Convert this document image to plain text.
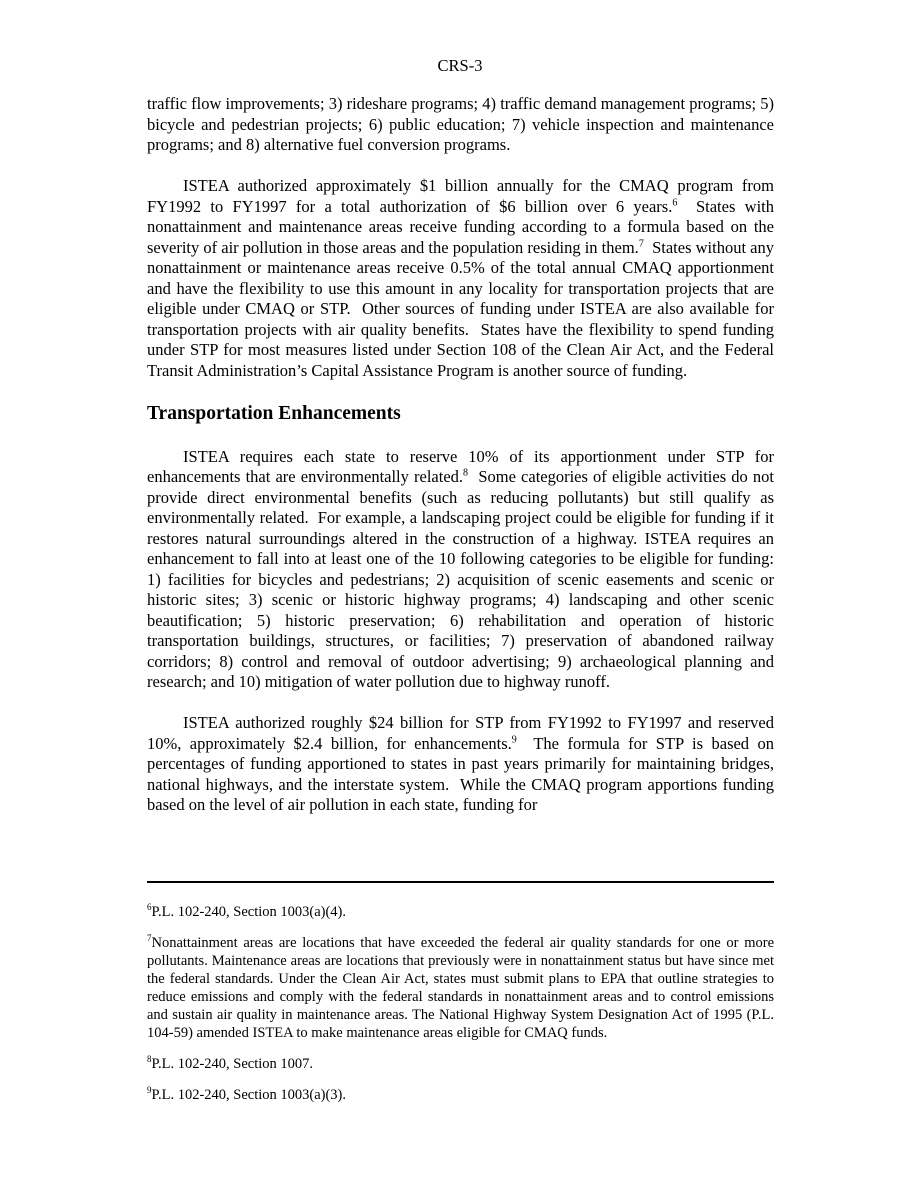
CRS-3

traffic flow improvements; 3) rideshare programs; 4) traffic demand management programs; 5) bicycle and pedestrian projects; 6) public education; 7) vehicle inspection and maintenance programs; and 8) alternative fuel conversion programs.

ISTEA authorized approximately $1 billion annually for the CMAQ program from FY1992 to FY1997 for a total authorization of $6 billion over 6 years.$^6$  States with nonattainment and maintenance areas receive funding according to a formula based on the severity of air pollution in those areas and the population residing in them.$^7$  States without any nonattainment or maintenance areas receive 0.5% of the total annual CMAQ apportionment and have the flexibility to use this amount in any locality for transportation projects that are eligible under CMAQ or STP.  Other sources of funding under ISTEA are also available for transportation projects with air quality benefits.  States have the flexibility to spend funding under STP for most measures listed under Section 108 of the Clean Air Act, and the Federal Transit Administration’s Capital Assistance Program is another source of funding.

Transportation Enhancements

ISTEA requires each state to reserve 10% of its apportionment under STP for enhancements that are environmentally related.$^8$  Some categories of eligible activities do not provide direct environmental benefits (such as reducing pollutants) but still qualify as environmentally related.  For example, a landscaping project could be eligible for funding if it restores natural surroundings altered in the construction of a highway. ISTEA requires an enhancement to fall into at least one of the 10 following categories to be eligible for funding: 1) facilities for bicycles and pedestrians; 2) acquisition of scenic easements and scenic or historic sites; 3) scenic or historic highway programs; 4) landscaping and other scenic beautification; 5) historic preservation; 6) rehabilitation and operation of historic transportation buildings, structures, or facilities; 7) preservation of abandoned railway corridors; 8) control and removal of outdoor advertising; 9) archaeological planning and research; and 10) mitigation of water pollution due to highway runoff.

ISTEA authorized roughly $24 billion for STP from FY1992 to FY1997 and reserved 10%, approximately $2.4 billion, for enhancements.$^9$  The formula for STP is based on percentages of funding apportioned to states in past years primarily for maintaining bridges, national highways, and the interstate system.  While the CMAQ program apportions funding based on the level of air pollution in each state, funding for

$^6$P.L. 102-240, Section 1003(a)(4).

$^7$Nonattainment areas are locations that have exceeded the federal air quality standards for one or more pollutants. Maintenance areas are locations that previously were in nonattainment status but have since met the federal standards. Under the Clean Air Act, states must submit plans to EPA that outline strategies to reduce emissions and comply with the federal standards in nonattainment areas and to control emissions and sustain air quality in maintenance areas. The National Highway System Designation Act of 1995 (P.L. 104-59) amended ISTEA to make maintenance areas eligible for CMAQ funds.

$^8$P.L. 102-240, Section 1007.

$^9$P.L. 102-240, Section 1003(a)(3).
